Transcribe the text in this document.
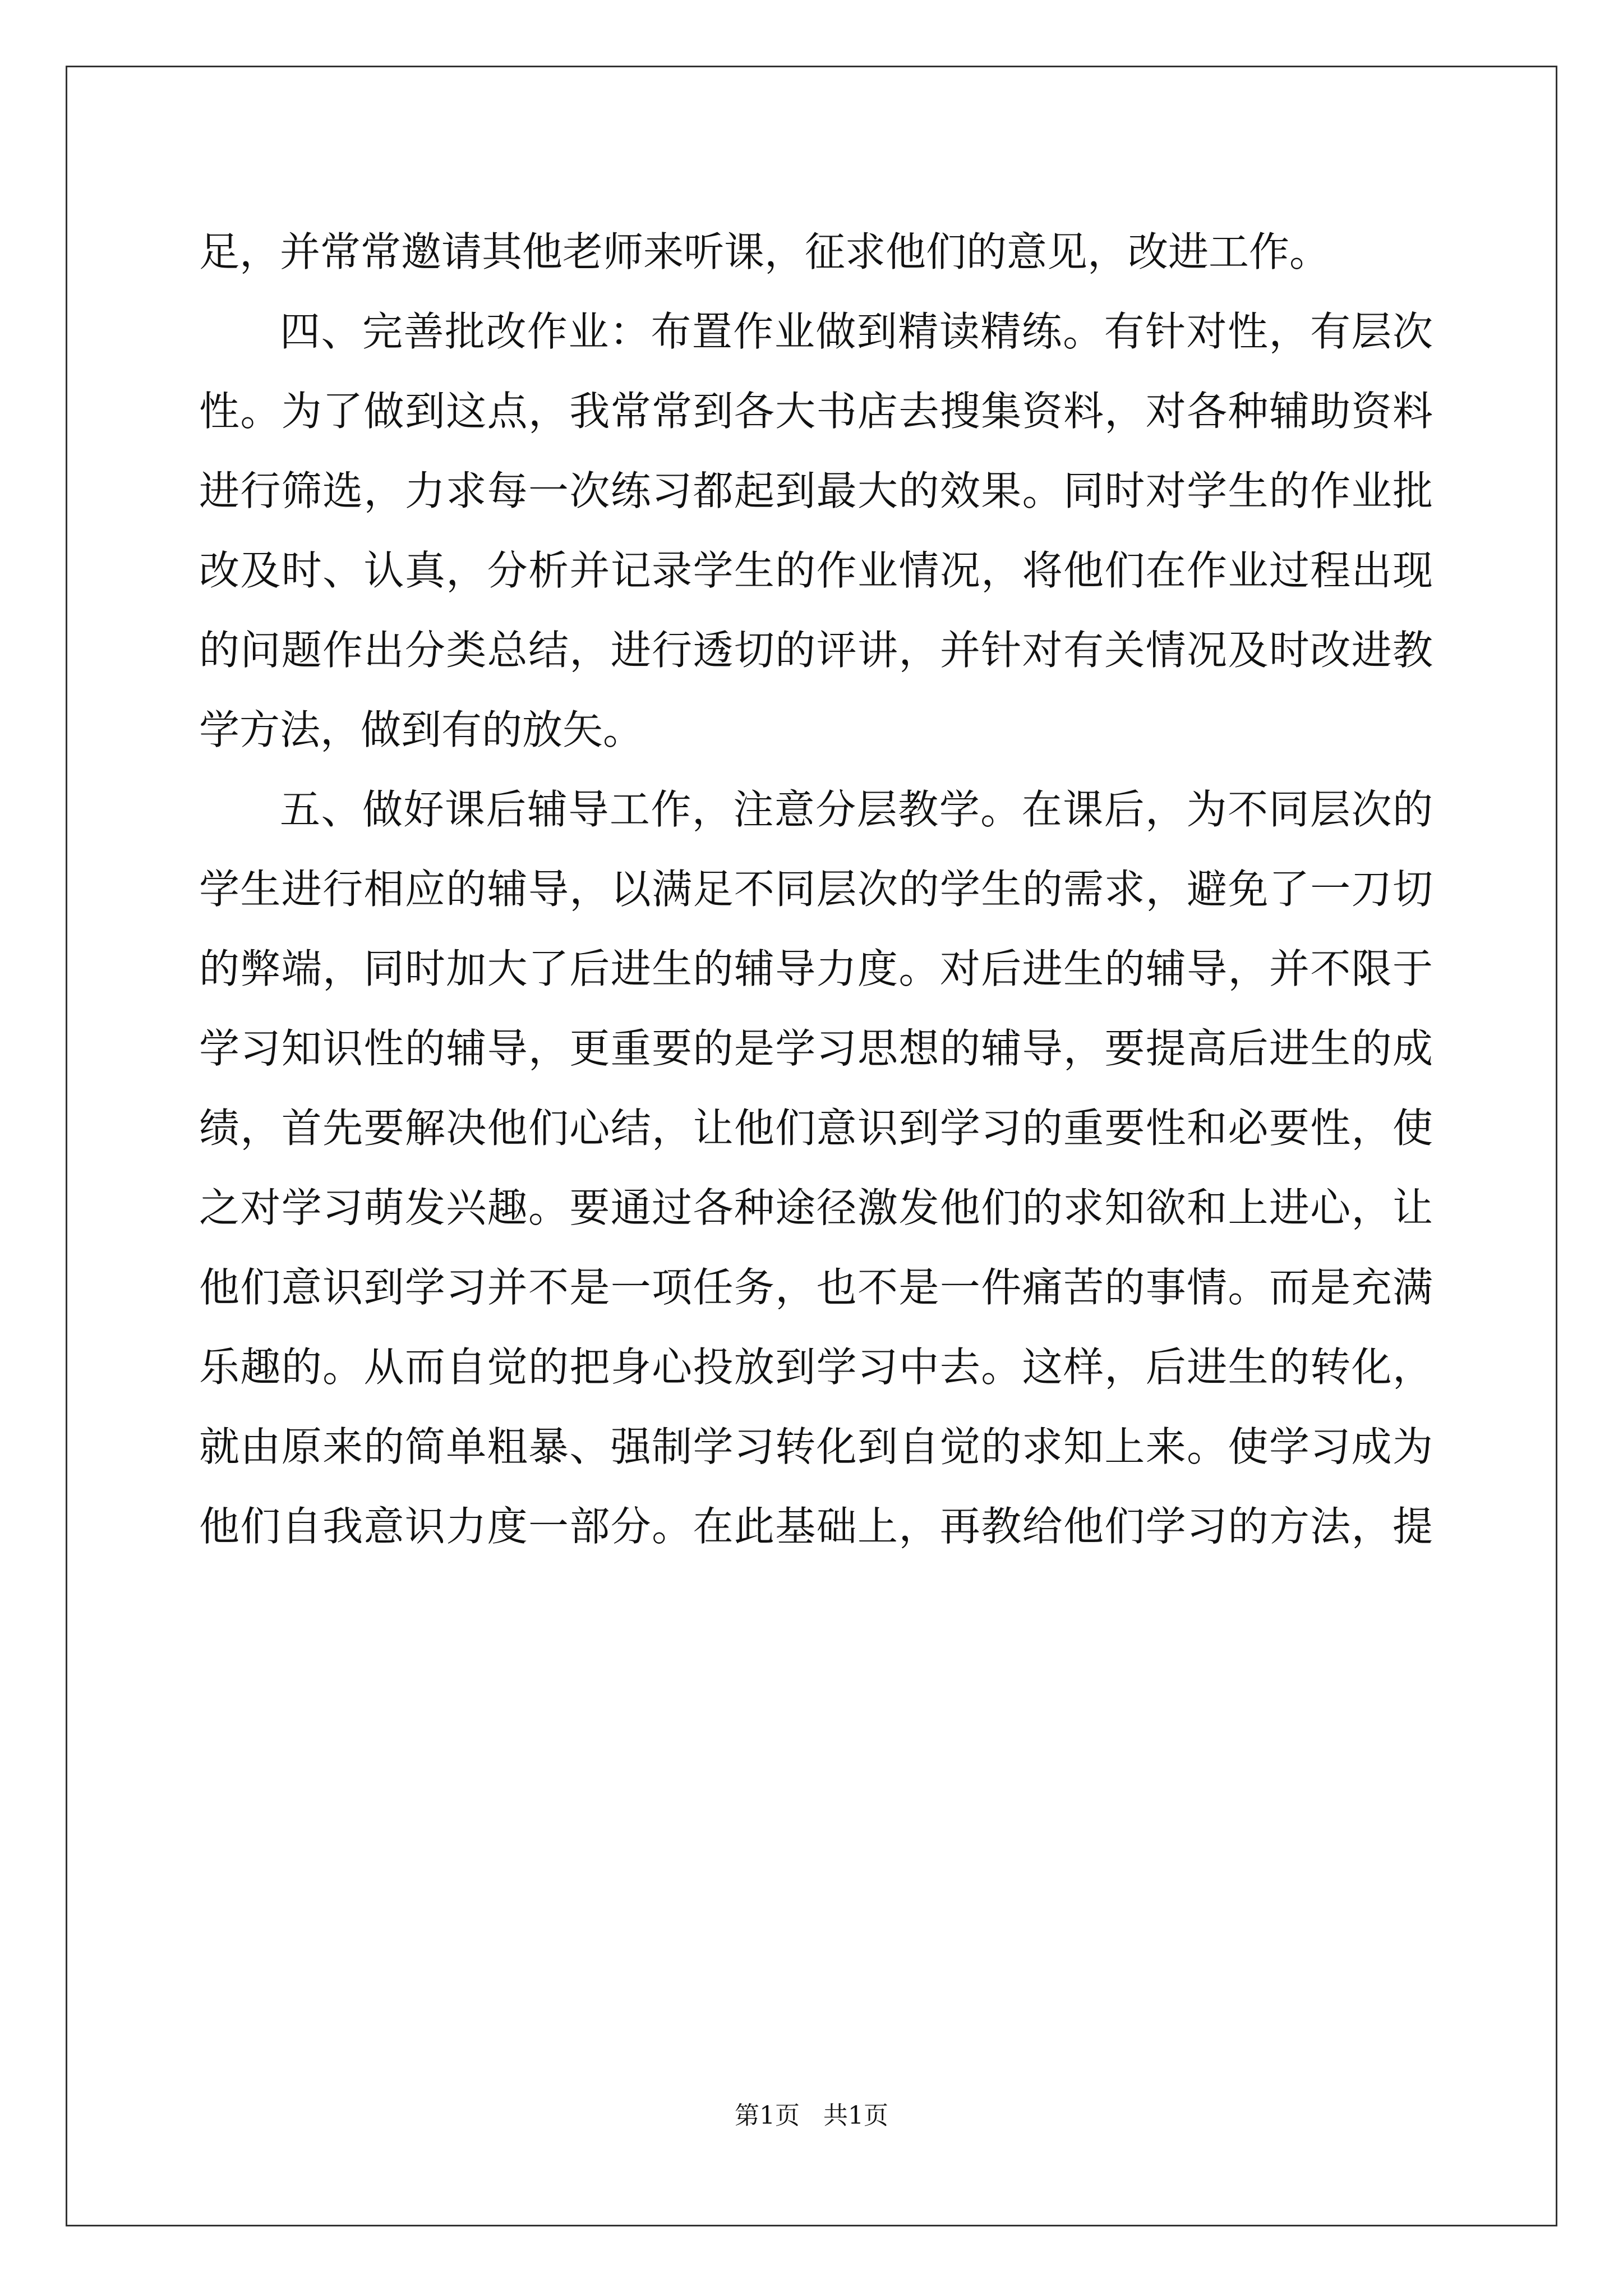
足，并常常邀请其他老师来听课，征求他们的意见，改进工作。
四、完善批改作业：布置作业做到精读精练。有针对性，有层次
性。为了做到这点，我常常到各大书店去搜集资料，对各种辅助资料
进行筛选，力求每一次练习都起到最大的效果。同时对学生的作业批
改及时、认真，分析并记录学生的作业情况，将他们在作业过程出现
的问题作出分类总结，进行透切的评讲，并针对有关情况及时改进教
学方法，做到有的放矢。
五、做好课后辅导工作，注意分层教学。在课后，为不同层次的
学生进行相应的辅导，以满足不同层次的学生的需求，避免了一刀切
的弊端，同时加大了后进生的辅导力度。对后进生的辅导，并不限于
学习知识性的辅导，更重要的是学习思想的辅导，要提高后进生的成
绩，首先要解决他们心结，让他们意识到学习的重要性和必要性，使
之对学习萌发兴趣。要通过各种途径激发他们的求知欲和上进心，让
他们意识到学习并不是一项任务，也不是一件痛苦的事情。而是充满
乐趣的。从而自觉的把身心投放到学习中去。这样，后进生的转化，
就由原来的简单粗暴、强制学习转化到自觉的求知上来。使学习成为
他们自我意识力度一部分。在此基础上，再教给他们学习的方法，提
第1页   共1页
